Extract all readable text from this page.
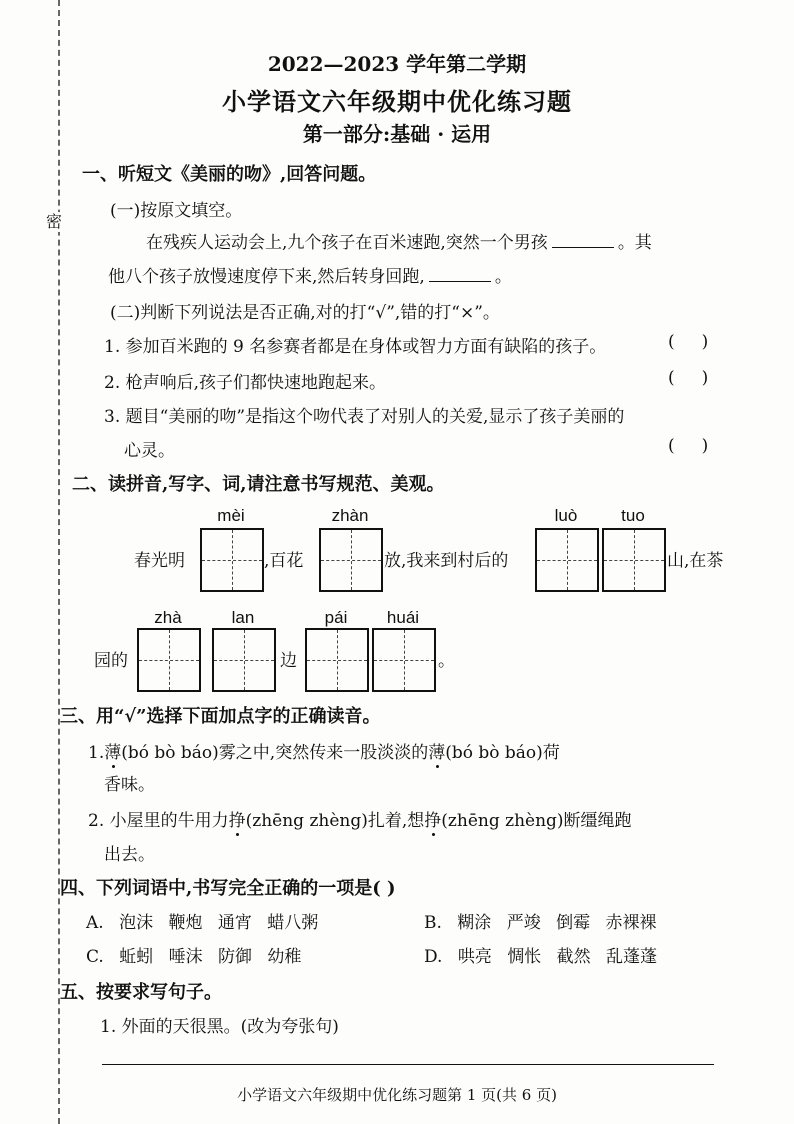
密
2022—2023 学年第二学期
小学语文六年级期中优化练习题
第一部分:基础 · 运用
一、听短文《美丽的吻》,回答问题。
(一)按原文填空。
在残疾人运动会上,九个孩子在百米速跑,突然一个男孩	。其
他八个孩子放慢速度停下来,然后转身回跑,	。
(二)判断下列说法是否正确,对的打“√”,错的打“×”。
1. 参加百米跑的 9 名参赛者都是在身体或智力方面有缺陷的孩子。	(     )
2. 枪声响后,孩子们都快速地跑起来。	(     )
3. 题目“美丽的吻”是指这个吻代表了对别人的关爱,显示了孩子美丽的
心灵。	(     )
二、读拼音,写字、词,请注意书写规范、美观。
mèi	zhàn	luò	tuo
春光明	,百花	放,我来到村后的	山,在茶
zhà	lan	pái	huái
园的	边	。
三、用“√”选择下面加点字的正确读音。
1.薄(bó bò báo)雾之中,突然传来一股淡淡的薄(bó bò báo)荷
香味。
2. 小屋里的牛用力挣(zhēng zhèng)扎着,想挣(zhēng zhèng)断缰绳跑
出去。
四、下列词语中,书写完全正确的一项是( )
A. 泡沫 鞭炮 通宵 蜡八粥	B. 糊涂 严竣 倒霉 赤裸裸
C. 蚯蚓 唾沫 防御 幼稚	D. 哄亮 惆怅 截然 乱蓬蓬
五、按要求写句子。
1. 外面的天很黑。(改为夸张句)
小学语文六年级期中优化练习题第 1 页(共 6 页)
